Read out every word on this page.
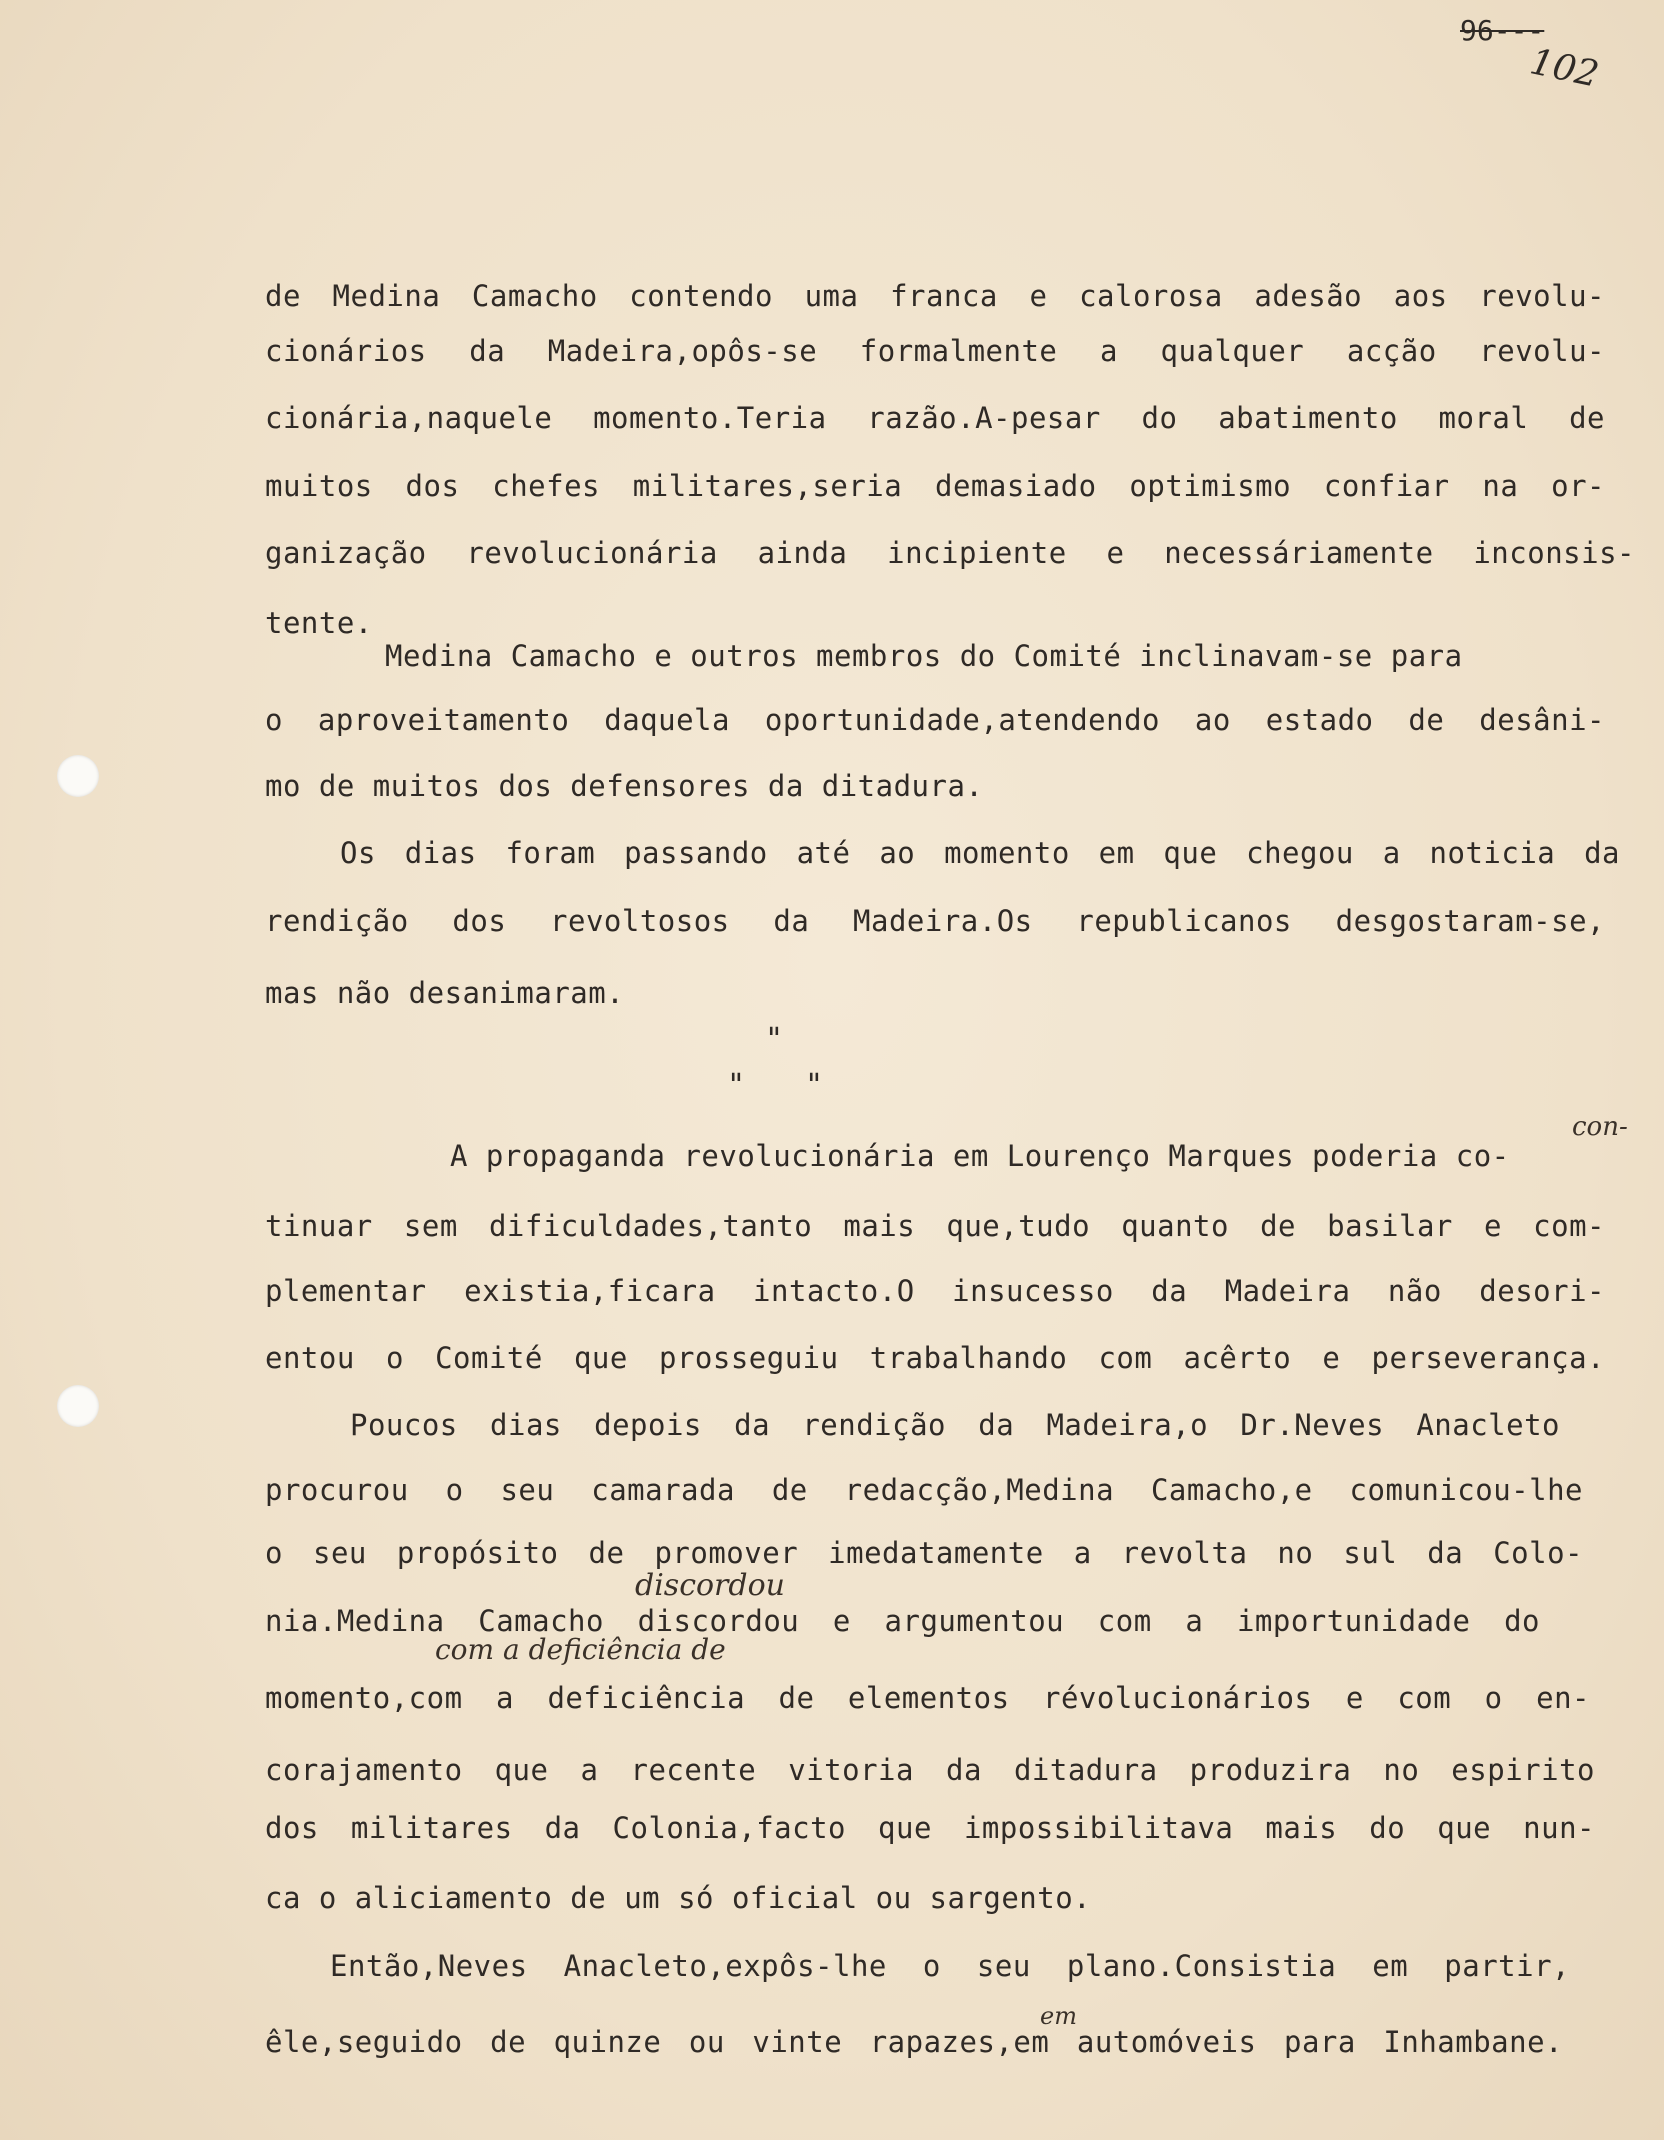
96---
102
de Medina Camacho contendo uma franca e calorosa adesão aos revolu-
cionários da Madeira,opôs-se formalmente a qualquer acção revolu-
cionária,naquele momento.Teria razão.A-pesar do abatimento moral de
muitos dos chefes militares,seria demasiado optimismo confiar na or-
ganização revolucionária ainda incipiente e necessáriamente inconsis-
tente.
Medina Camacho e outros membros do Comité inclinavam-se para
o aproveitamento daquela oportunidade,atendendo ao estado de desâni-
mo de muitos dos defensores da ditadura.
Os dias foram passando até ao momento em que chegou a noticia da
rendição dos revoltosos da Madeira.Os republicanos desgostaram-se,
mas não desanimaram.
"
" "
con-
A propaganda revolucionária em Lourenço Marques poderia co-
tinuar sem dificuldades,tanto mais que,tudo quanto de basilar e com-
plementar existia,ficara intacto.O insucesso da Madeira não desori-
entou o Comité que prosseguiu trabalhando com acêrto e perseverança.
Poucos dias depois da rendição da Madeira,o Dr.Neves Anacleto
procurou o seu camarada de redacção,Medina Camacho,e comunicou-lhe
o seu propósito de promover imedatamente a revolta no sul da Colo-
discordou
nia.Medina Camacho discordou e argumentou com a importunidade do
com a deficiência de
momento,com a deficiência de elementos révolucionários e com o en-
corajamento que a recente vitoria da ditadura produzira no espirito
dos militares da Colonia,facto que impossibilitava mais do que nun-
ca o aliciamento de um só oficial ou sargento.
Então,Neves Anacleto,expôs-lhe o seu plano.Consistia em partir,
em
êle,seguido de quinze ou vinte rapazes,em automóveis para Inhambane.
